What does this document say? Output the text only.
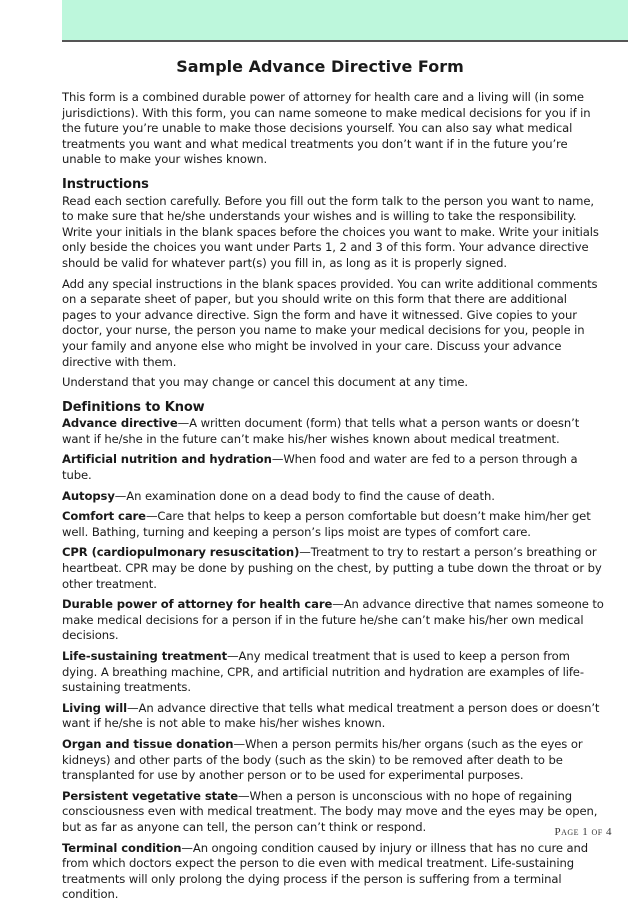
Sample Advance Directive Form

This form is a combined durable power of attorney for health care and a living will (in some jurisdictions). With this form, you can name someone to make medical decisions for you if in the future you’re unable to make those decisions yourself. You can also say what medical treatments you want and what medical treatments you don’t want if in the future you’re unable to make your wishes known.

Instructions

Read each section carefully. Before you fill out the form talk to the person you want to name, to make sure that he/she understands your wishes and is willing to take the responsibility. Write your initials in the blank spaces before the choices you want to make. Write your initials only beside the choices you want under Parts 1, 2 and 3 of this form. Your advance directive should be valid for whatever part(s) you fill in, as long as it is properly signed.

Add any special instructions in the blank spaces provided. You can write additional comments on a separate sheet of paper, but you should write on this form that there are additional pages to your advance directive. Sign the form and have it witnessed. Give copies to your doctor, your nurse, the person you name to make your medical decisions for you, people in your family and anyone else who might be involved in your care. Discuss your advance directive with them.

Understand that you may change or cancel this document at any time.

Definitions to Know

Advance directive—A written document (form) that tells what a person wants or doesn’t want if he/she in the future can’t make his/her wishes known about medical treatment.

Artificial nutrition and hydration—When food and water are fed to a person through a tube.

Autopsy—An examination done on a dead body to find the cause of death.

Comfort care—Care that helps to keep a person comfortable but doesn’t make him/her get well. Bathing, turning and keeping a person’s lips moist are types of comfort care.

CPR (cardiopulmonary resuscitation)—Treatment to try to restart a person’s breathing or heartbeat. CPR may be done by pushing on the chest, by putting a tube down the throat or by other treatment.

Durable power of attorney for health care—An advance directive that names someone to make medical decisions for a person if in the future he/she can’t make his/her own medical decisions.

Life-sustaining treatment—Any medical treatment that is used to keep a person from dying. A breathing machine, CPR, and artificial nutrition and hydration are examples of life-sustaining treatments.

Living will—An advance directive that tells what medical treatment a person does or doesn’t want if he/she is not able to make his/her wishes known.

Organ and tissue donation—When a person permits his/her organs (such as the eyes or kidneys) and other parts of the body (such as the skin) to be removed after death to be transplanted for use by another person or to be used for experimental purposes.

Persistent vegetative state—When a person is unconscious with no hope of regaining consciousness even with medical treatment. The body may move and the eyes may be open, but as far as anyone can tell, the person can’t think or respond.

Terminal condition—An ongoing condition caused by injury or illness that has no cure and from which doctors expect the person to die even with medical treatment. Life-sustaining treatments will only prolong the dying process if the person is suffering from a terminal condition.

Page 1 of 4
